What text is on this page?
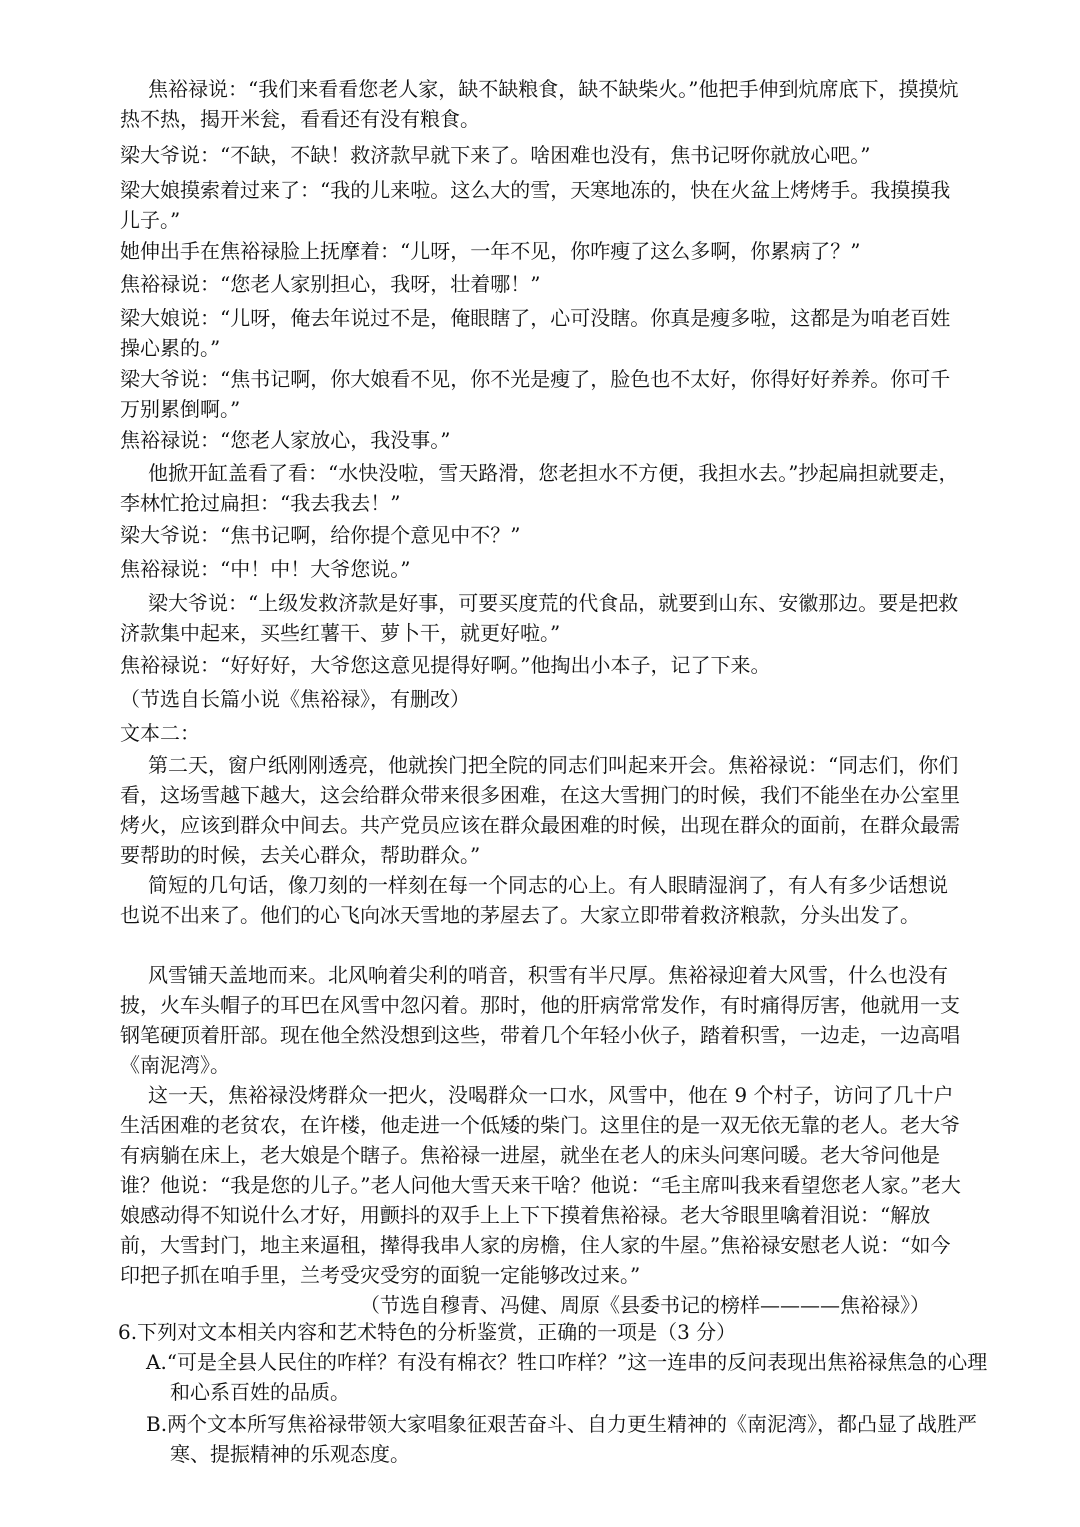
焦裕禄说：“我们来看看您老人家，缺不缺粮食，缺不缺柴火。”他把手伸到炕席底下，摸摸炕热不热，揭开米瓮，看看还有没有粮食。

梁大爷说：“不缺，不缺！救济款早就下来了。啥困难也没有，焦书记呀你就放心吧。”

梁大娘摸索着过来了：“我的儿来啦。这么大的雪，天寒地冻的，快在火盆上烤烤手。我摸摸我儿子。”

她伸出手在焦裕禄脸上抚摩着：“儿呀，一年不见，你咋瘦了这么多啊，你累病了？”

焦裕禄说：“您老人家别担心，我呀，壮着哪！”

梁大娘说：“儿呀，俺去年说过不是，俺眼瞎了，心可没瞎。你真是瘦多啦，这都是为咱老百姓操心累的。”

梁大爷说：“焦书记啊，你大娘看不见，你不光是瘦了，脸色也不太好，你得好好养养。你可千万别累倒啊。”

焦裕禄说：“您老人家放心，我没事。”

他掀开缸盖看了看：“水快没啦，雪天路滑，您老担水不方便，我担水去。”抄起扁担就要走，李林忙抢过扁担：“我去我去！”

梁大爷说：“焦书记啊，给你提个意见中不？”

焦裕禄说：“中！中！大爷您说。”

梁大爷说：“上级发救济款是好事，可要买度荒的代食品，就要到山东、安徽那边。要是把救济款集中起来，买些红薯干、萝卜干，就更好啦。”

焦裕禄说：“好好好，大爷您这意见提得好啊。”他掏出小本子，记了下来。

（节选自长篇小说《焦裕禄》，有删改）

文本二：

第二天，窗户纸刚刚透亮，他就挨门把全院的同志们叫起来开会。焦裕禄说：“同志们，你们看，这场雪越下越大，这会给群众带来很多困难，在这大雪拥门的时候，我们不能坐在办公室里烤火，应该到群众中间去。共产党员应该在群众最困难的时候，出现在群众的面前，在群众最需要帮助的时候，去关心群众，帮助群众。”

简短的几句话，像刀刻的一样刻在每一个同志的心上。有人眼睛湿润了，有人有多少话想说也说不出来了。他们的心飞向冰天雪地的茅屋去了。大家立即带着救济粮款，分头出发了。

风雪铺天盖地而来。北风响着尖利的哨音，积雪有半尺厚。焦裕禄迎着大风雪，什么也没有披，火车头帽子的耳巴在风雪中忽闪着。那时，他的肝病常常发作，有时痛得厉害，他就用一支钢笔硬顶着肝部。现在他全然没想到这些，带着几个年轻小伙子，踏着积雪，一边走，一边高唱《南泥湾》。

这一天，焦裕禄没烤群众一把火，没喝群众一口水，风雪中，他在 9 个村子，访问了几十户生活困难的老贫农，在许楼，他走进一个低矮的柴门。这里住的是一双无依无靠的老人。老大爷有病躺在床上，老大娘是个瞎子。焦裕禄一进屋，就坐在老人的床头问寒问暖。老大爷问他是谁？他说：“我是您的儿子。”老人问他大雪天来干啥？他说：“毛主席叫我来看望您老人家。”老大娘感动得不知说什么才好，用颤抖的双手上上下下摸着焦裕禄。老大爷眼里噙着泪说：“解放前，大雪封门，地主来逼租，撵得我串人家的房檐，住人家的牛屋。”焦裕禄安慰老人说：“如今印把子抓在咱手里，兰考受灾受穷的面貌一定能够改过来。”

（节选自穆青、冯健、周原《县委书记的榜样————焦裕禄》）

6.下列对文本相关内容和艺术特色的分析鉴赏，正确的一项是（3 分）

A.“可是全县人民住的咋样？有没有棉衣？牲口咋样？”这一连串的反问表现出焦裕禄焦急的心理和心系百姓的品质。

B.两个文本所写焦裕禄带领大家唱象征艰苦奋斗、自力更生精神的《南泥湾》，都凸显了战胜严寒、提振精神的乐观态度。
